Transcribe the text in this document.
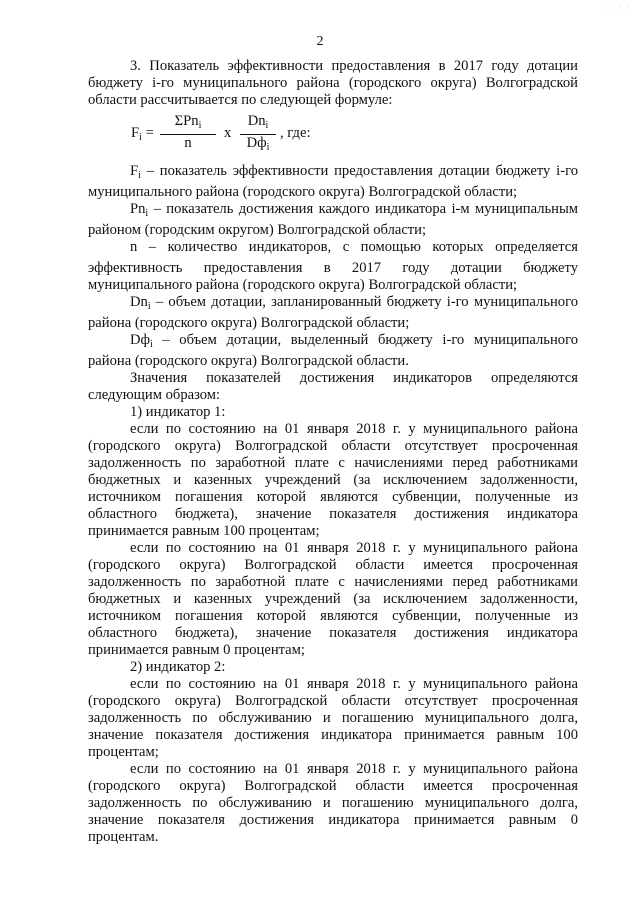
· · · ·
2

3. Показатель эффективности предоставления в 2017 году дотации бюджету i-го муниципального района (городского округа) Волгоградской области рассчитывается по следующей формуле:

$F_i$ =
ΣPn$_i$
n
x
$Dn_i$
$Dф_i$
, где:

$F_i$ – показатель эффективности предоставления дотации бюджету i-го муниципального района (городского округа) Волгоградской области;

$Pn_i$ – показатель достижения каждого индикатора i-м муниципальным районом (городским округом) Волгоградской области;

n – количество индикаторов, с помощью которых определяется эффективность предоставления в 2017 году дотации бюджету муниципального района (городского округа) Волгоградской области;

$Dn_i$ – объем дотации, запланированный бюджету i-го муниципального района (городского округа) Волгоградской области;

$Dф_i$ – объем дотации, выделенный бюджету i-го муниципального района (городского округа) Волгоградской области.

Значения показателей достижения индикаторов определяются следующим образом:

1) индикатор 1:

если по состоянию на 01 января 2018 г. у муниципального района (городского округа) Волгоградской области отсутствует просроченная задолженность по заработной плате с начислениями перед работниками бюджетных и казенных учреждений (за исключением задолженности, источником погашения которой являются субвенции, полученные из областного бюджета), значение показателя достижения индикатора принимается равным 100 процентам;

если по состоянию на 01 января 2018 г. у муниципального района (городского округа) Волгоградской области имеется просроченная задолженность по заработной плате с начислениями перед работниками бюджетных и казенных учреждений (за исключением задолженности, источником погашения которой являются субвенции, полученные из областного бюджета), значение показателя достижения индикатора принимается равным 0 процентам;

2) индикатор 2:

если по состоянию на 01 января 2018 г. у муниципального района (городского округа) Волгоградской области отсутствует просроченная задолженность по обслуживанию и погашению муниципального долга, значение показателя достижения индикатора принимается равным 100 процентам;

если по состоянию на 01 января 2018 г. у муниципального района (городского округа) Волгоградской области имеется просроченная задолженность по обслуживанию и погашению муниципального долга, значение показателя достижения индикатора принимается равным 0 процентам.
